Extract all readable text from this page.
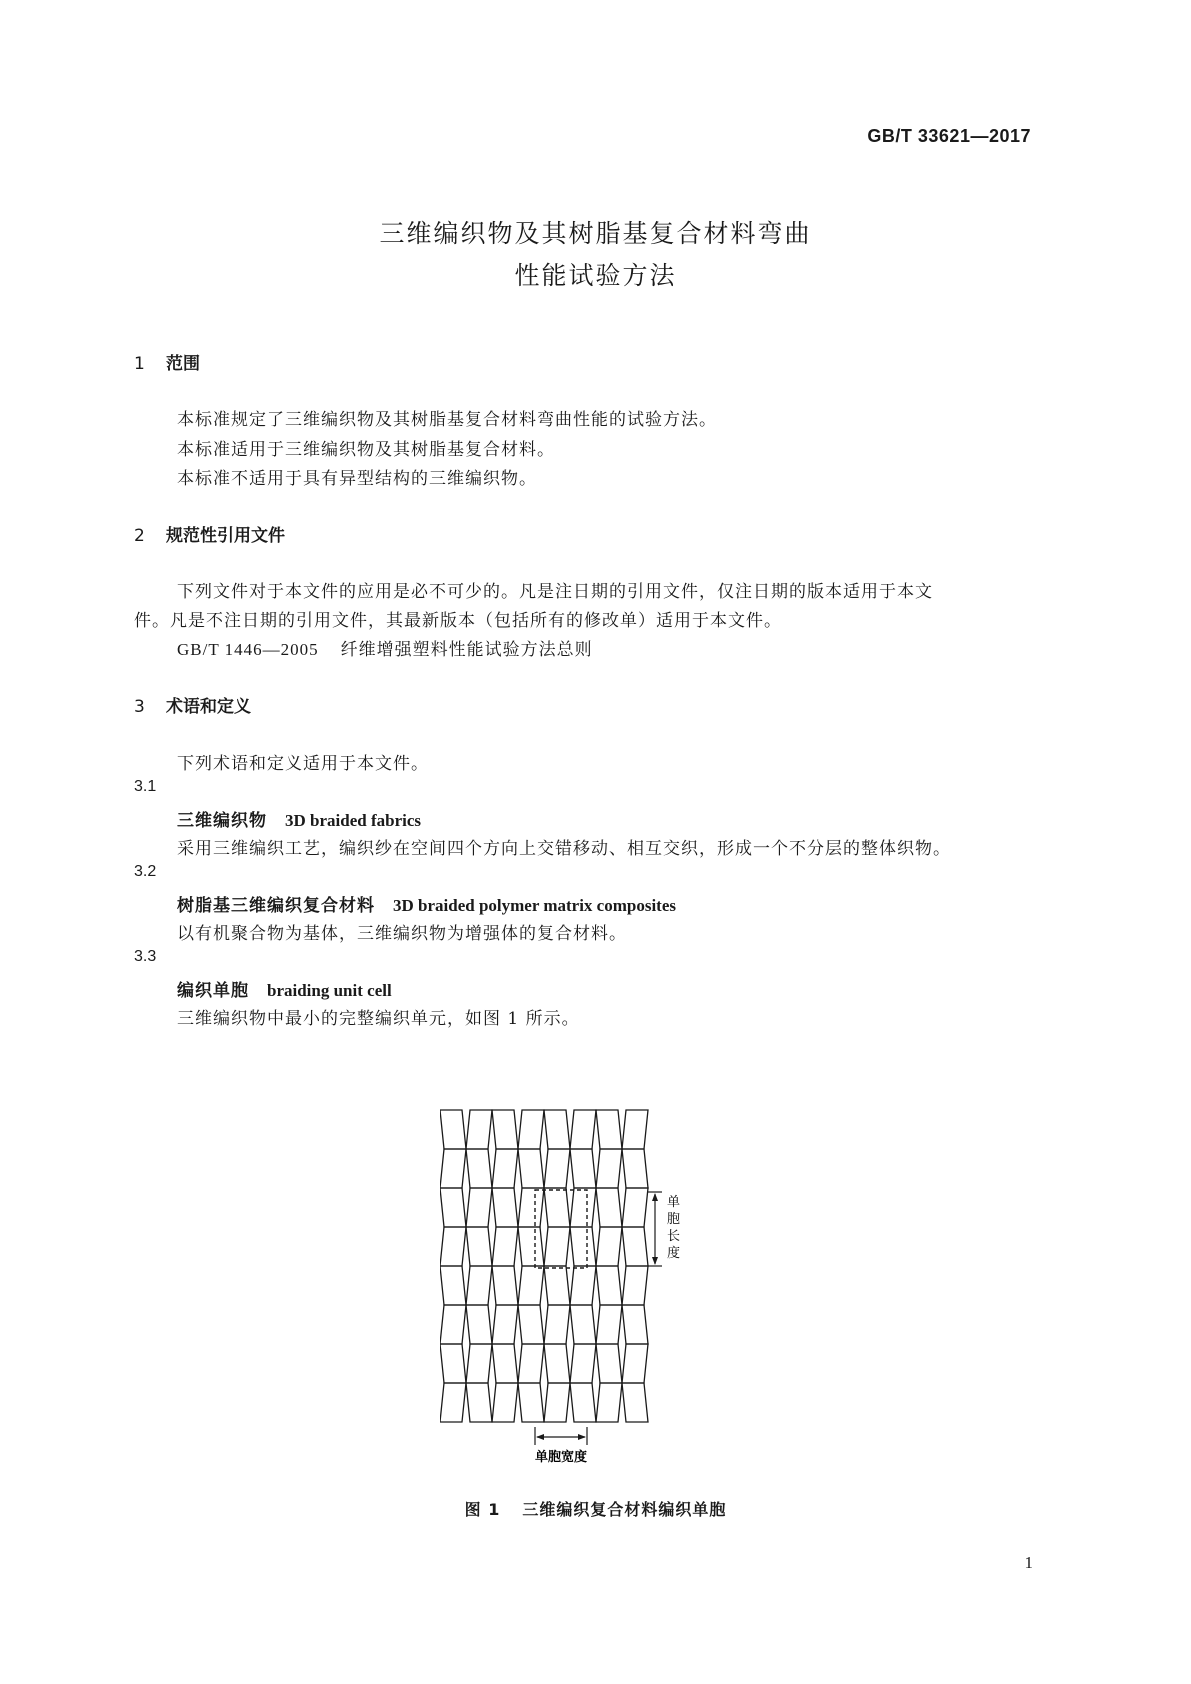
GB/T 33621—2017
三维编织物及其树脂基复合材料弯曲
性能试验方法
1 范围
本标准规定了三维编织物及其树脂基复合材料弯曲性能的试验方法。
本标准适用于三维编织物及其树脂基复合材料。
本标准不适用于具有异型结构的三维编织物。
2 规范性引用文件
下列文件对于本文件的应用是必不可少的。凡是注日期的引用文件，仅注日期的版本适用于本文
件。凡是不注日期的引用文件，其最新版本（包括所有的修改单）适用于本文件。
GB/T 1446—2005 纤维增强塑料性能试验方法总则
3 术语和定义
下列术语和定义适用于本文件。
3.1
三维编织物 3D braided fabrics
采用三维编织工艺，编织纱在空间四个方向上交错移动、相互交织，形成一个不分层的整体织物。
3.2
树脂基三维编织复合材料 3D braided polymer matrix composites
以有机聚合物为基体，三维编织物为增强体的复合材料。
3.3
编织单胞 braiding unit cell
三维编织物中最小的完整编织单元，如图 1 所示。
单
胞
长
度
单胞宽度
图 1 三维编织复合材料编织单胞
1
